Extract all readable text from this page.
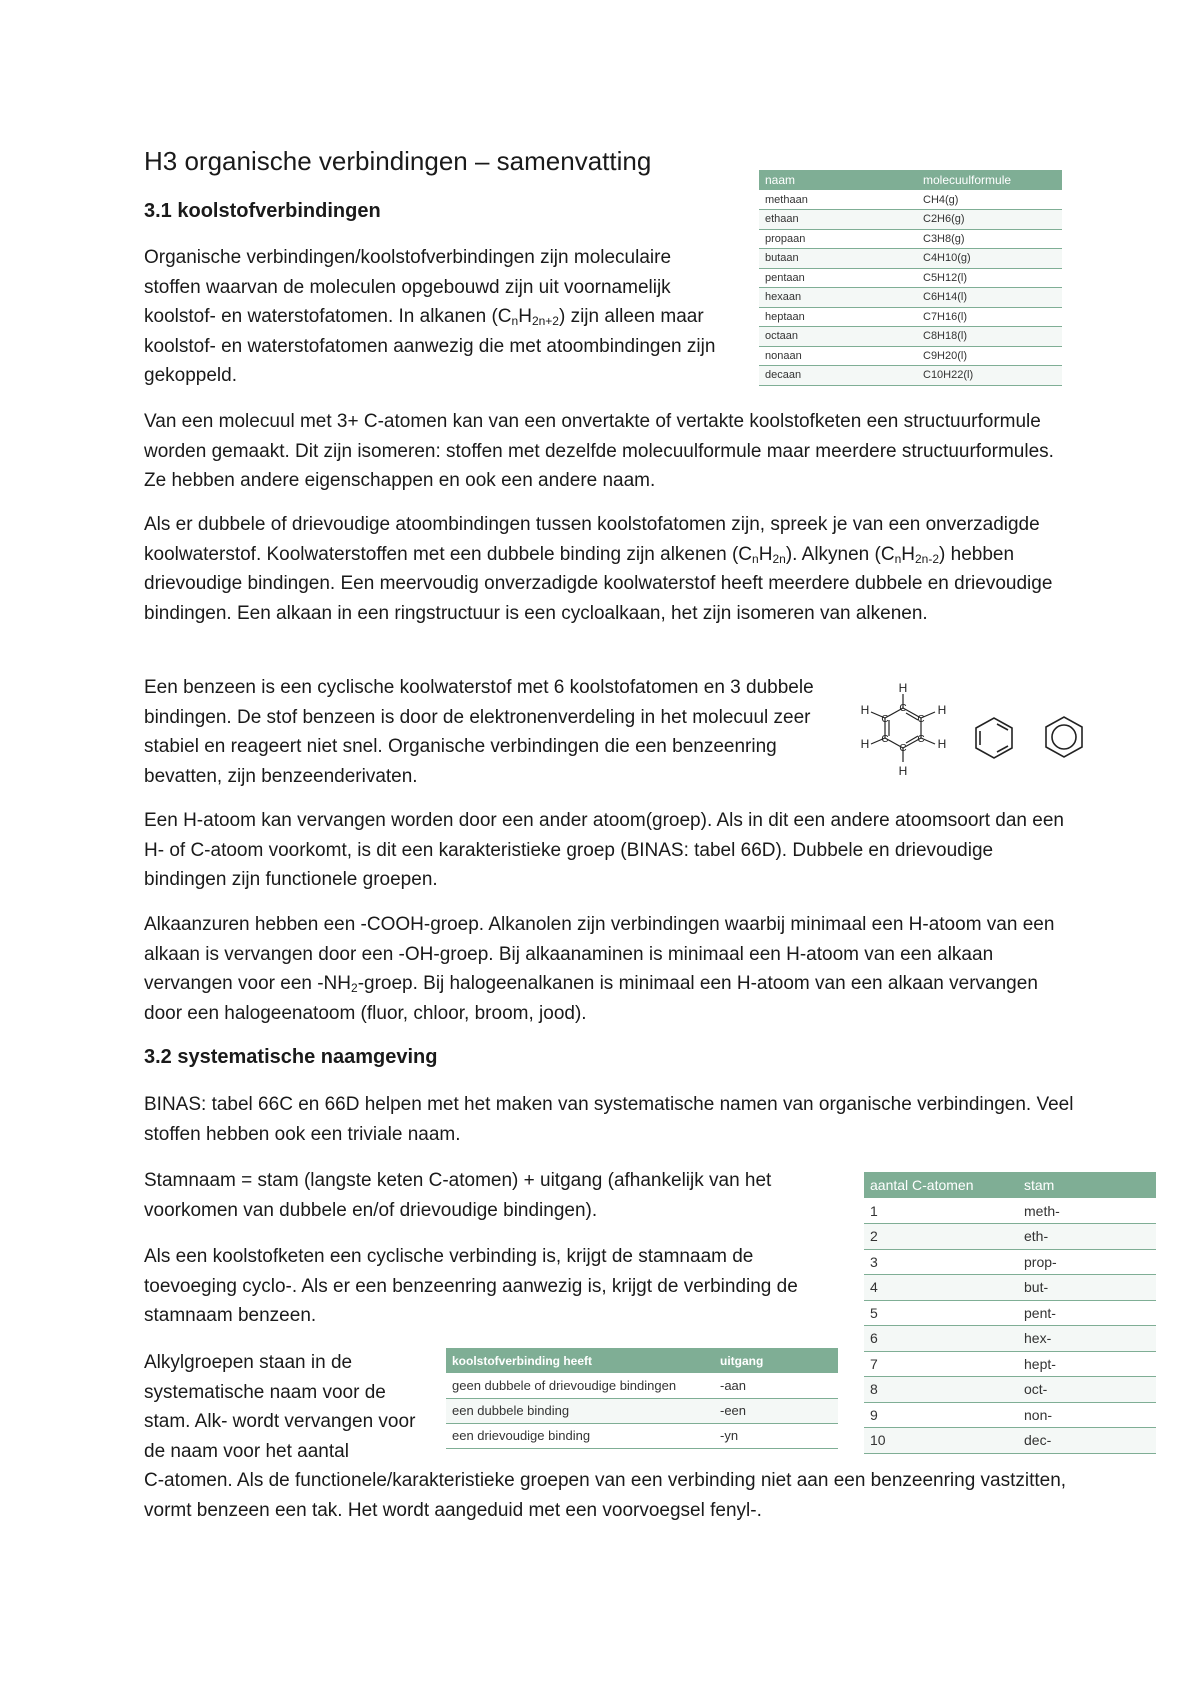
H3 organische verbindingen – samenvatting
3.1 koolstofverbindingen

Organische verbindingen/koolstofverbindingen zijn moleculaire stoffen waarvan de moleculen opgebouwd zijn uit voornamelijk koolstof- en waterstofatomen. In alkanen $(C_nH_{2n+2})$ zijn alleen maar koolstof- en waterstofatomen aanwezig die met atoombindingen zijn gekoppeld.

naam	molecuulformule
methaan	CH4(g)
ethaan	C2H6(g)
propaan	C3H8(g)
butaan	C4H10(g)
pentaan	C5H12(l)
hexaan	C6H14(l)
heptaan	C7H16(l)
octaan	C8H18(l)
nonaan	C9H20(l)
decaan	C10H22(l)

Van een molecuul met 3+ C-atomen kan van een onvertakte of vertakte koolstofketen een structuurformule worden gemaakt. Dit zijn isomeren: stoffen met dezelfde molecuulformule maar meerdere structuurformules. Ze hebben andere eigenschappen en ook een andere naam.

Als er dubbele of drievoudige atoombindingen tussen koolstofatomen zijn, spreek je van een onverzadigde koolwaterstof. Koolwaterstoffen met een dubbele binding zijn alkenen $(C_nH_{2n})$. Alkynen $(C_nH_{2n-2})$ hebben drievoudige bindingen. Een meervoudig onverzadigde koolwaterstof heeft meerdere dubbele en drievoudige bindingen. Een alkaan in een ringstructuur is een cycloalkaan, het zijn isomeren van alkenen.

Een benzeen is een cyclische koolwaterstof met 6 koolstofatomen en 3 dubbele bindingen. De stof benzeen is door de elektronenverdeling in het molecuul zeer stabiel en reageert niet snel. Organische verbindingen die een benzeenring bevatten, zijn benzeenderivaten.

H
H
H
H
H
H
C
C
C
C
C
C

Een H-atoom kan vervangen worden door een ander atoom(groep). Als in dit een andere atoomsoort dan een H- of C-atoom voorkomt, is dit een karakteristieke groep (BINAS: tabel 66D). Dubbele en drievoudige bindingen zijn functionele groepen.

Alkaanzuren hebben een -COOH-groep. Alkanolen zijn verbindingen waarbij minimaal een H-atoom van een alkaan is vervangen door een -OH-groep. Bij alkaanaminen is minimaal een H-atoom van een alkaan vervangen voor een $-NH_2$-groep. Bij halogeenalkanen is minimaal een H-atoom van een alkaan vervangen door een halogeenatoom (fluor, chloor, broom, jood).

3.2 systematische naamgeving

BINAS: tabel 66C en 66D helpen met het maken van systematische namen van organische verbindingen. Veel stoffen hebben ook een triviale naam.

Stamnaam = stam (langste keten C-atomen) + uitgang (afhankelijk van het voorkomen van dubbele en/of drievoudige bindingen).

Als een koolstofketen een cyclische verbinding is, krijgt de stamnaam de toevoeging cyclo-. Als er een benzeenring aanwezig is, krijgt de verbinding de stamnaam benzeen.

Alkylgroepen staan in de systematische naam voor de stam. Alk- wordt vervangen voor de naam voor het aantal

C-atomen. Als de functionele/karakteristieke groepen van een verbinding niet aan een benzeenring vastzitten, vormt benzeen een tak. Het wordt aangeduid met een voorvoegsel fenyl-.

koolstofverbinding heeft	uitgang
geen dubbele of drievoudige bindingen	-aan
een dubbele binding	-een
een drievoudige binding	-yn
aantal C-atomen	stam
1	meth-
2	eth-
3	prop-
4	but-
5	pent-
6	hex-
7	hept-
8	oct-
9	non-
10	dec-
